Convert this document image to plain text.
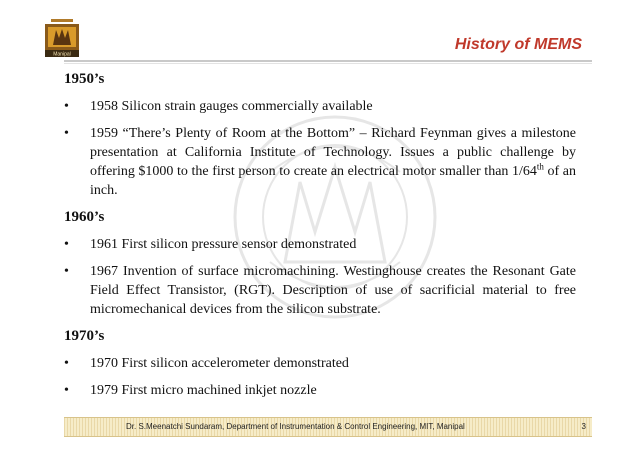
Manipal
History of MEMS
1950’s
• 1958 Silicon strain gauges commercially available
• 1959 “There’s Plenty of Room at the Bottom” – Richard Feynman gives a milestone presentation at California Institute of Technology. Issues a public challenge by offering $1000 to the first person to create an electrical motor smaller than 1/64th of an inch.
1960’s
• 1961 First silicon pressure sensor demonstrated
• 1967 Invention of surface micromachining. Westinghouse creates the Resonant Gate Field Effect Transistor, (RGT). Description of use of sacrificial material to free micromechanical devices from the silicon substrate.
1970’s
• 1970 First silicon accelerometer demonstrated
• 1979 First micro machined inkjet nozzle
Dr. S.Meenatchi Sundaram, Department of Instrumentation & Control Engineering, MIT, Manipal	3
